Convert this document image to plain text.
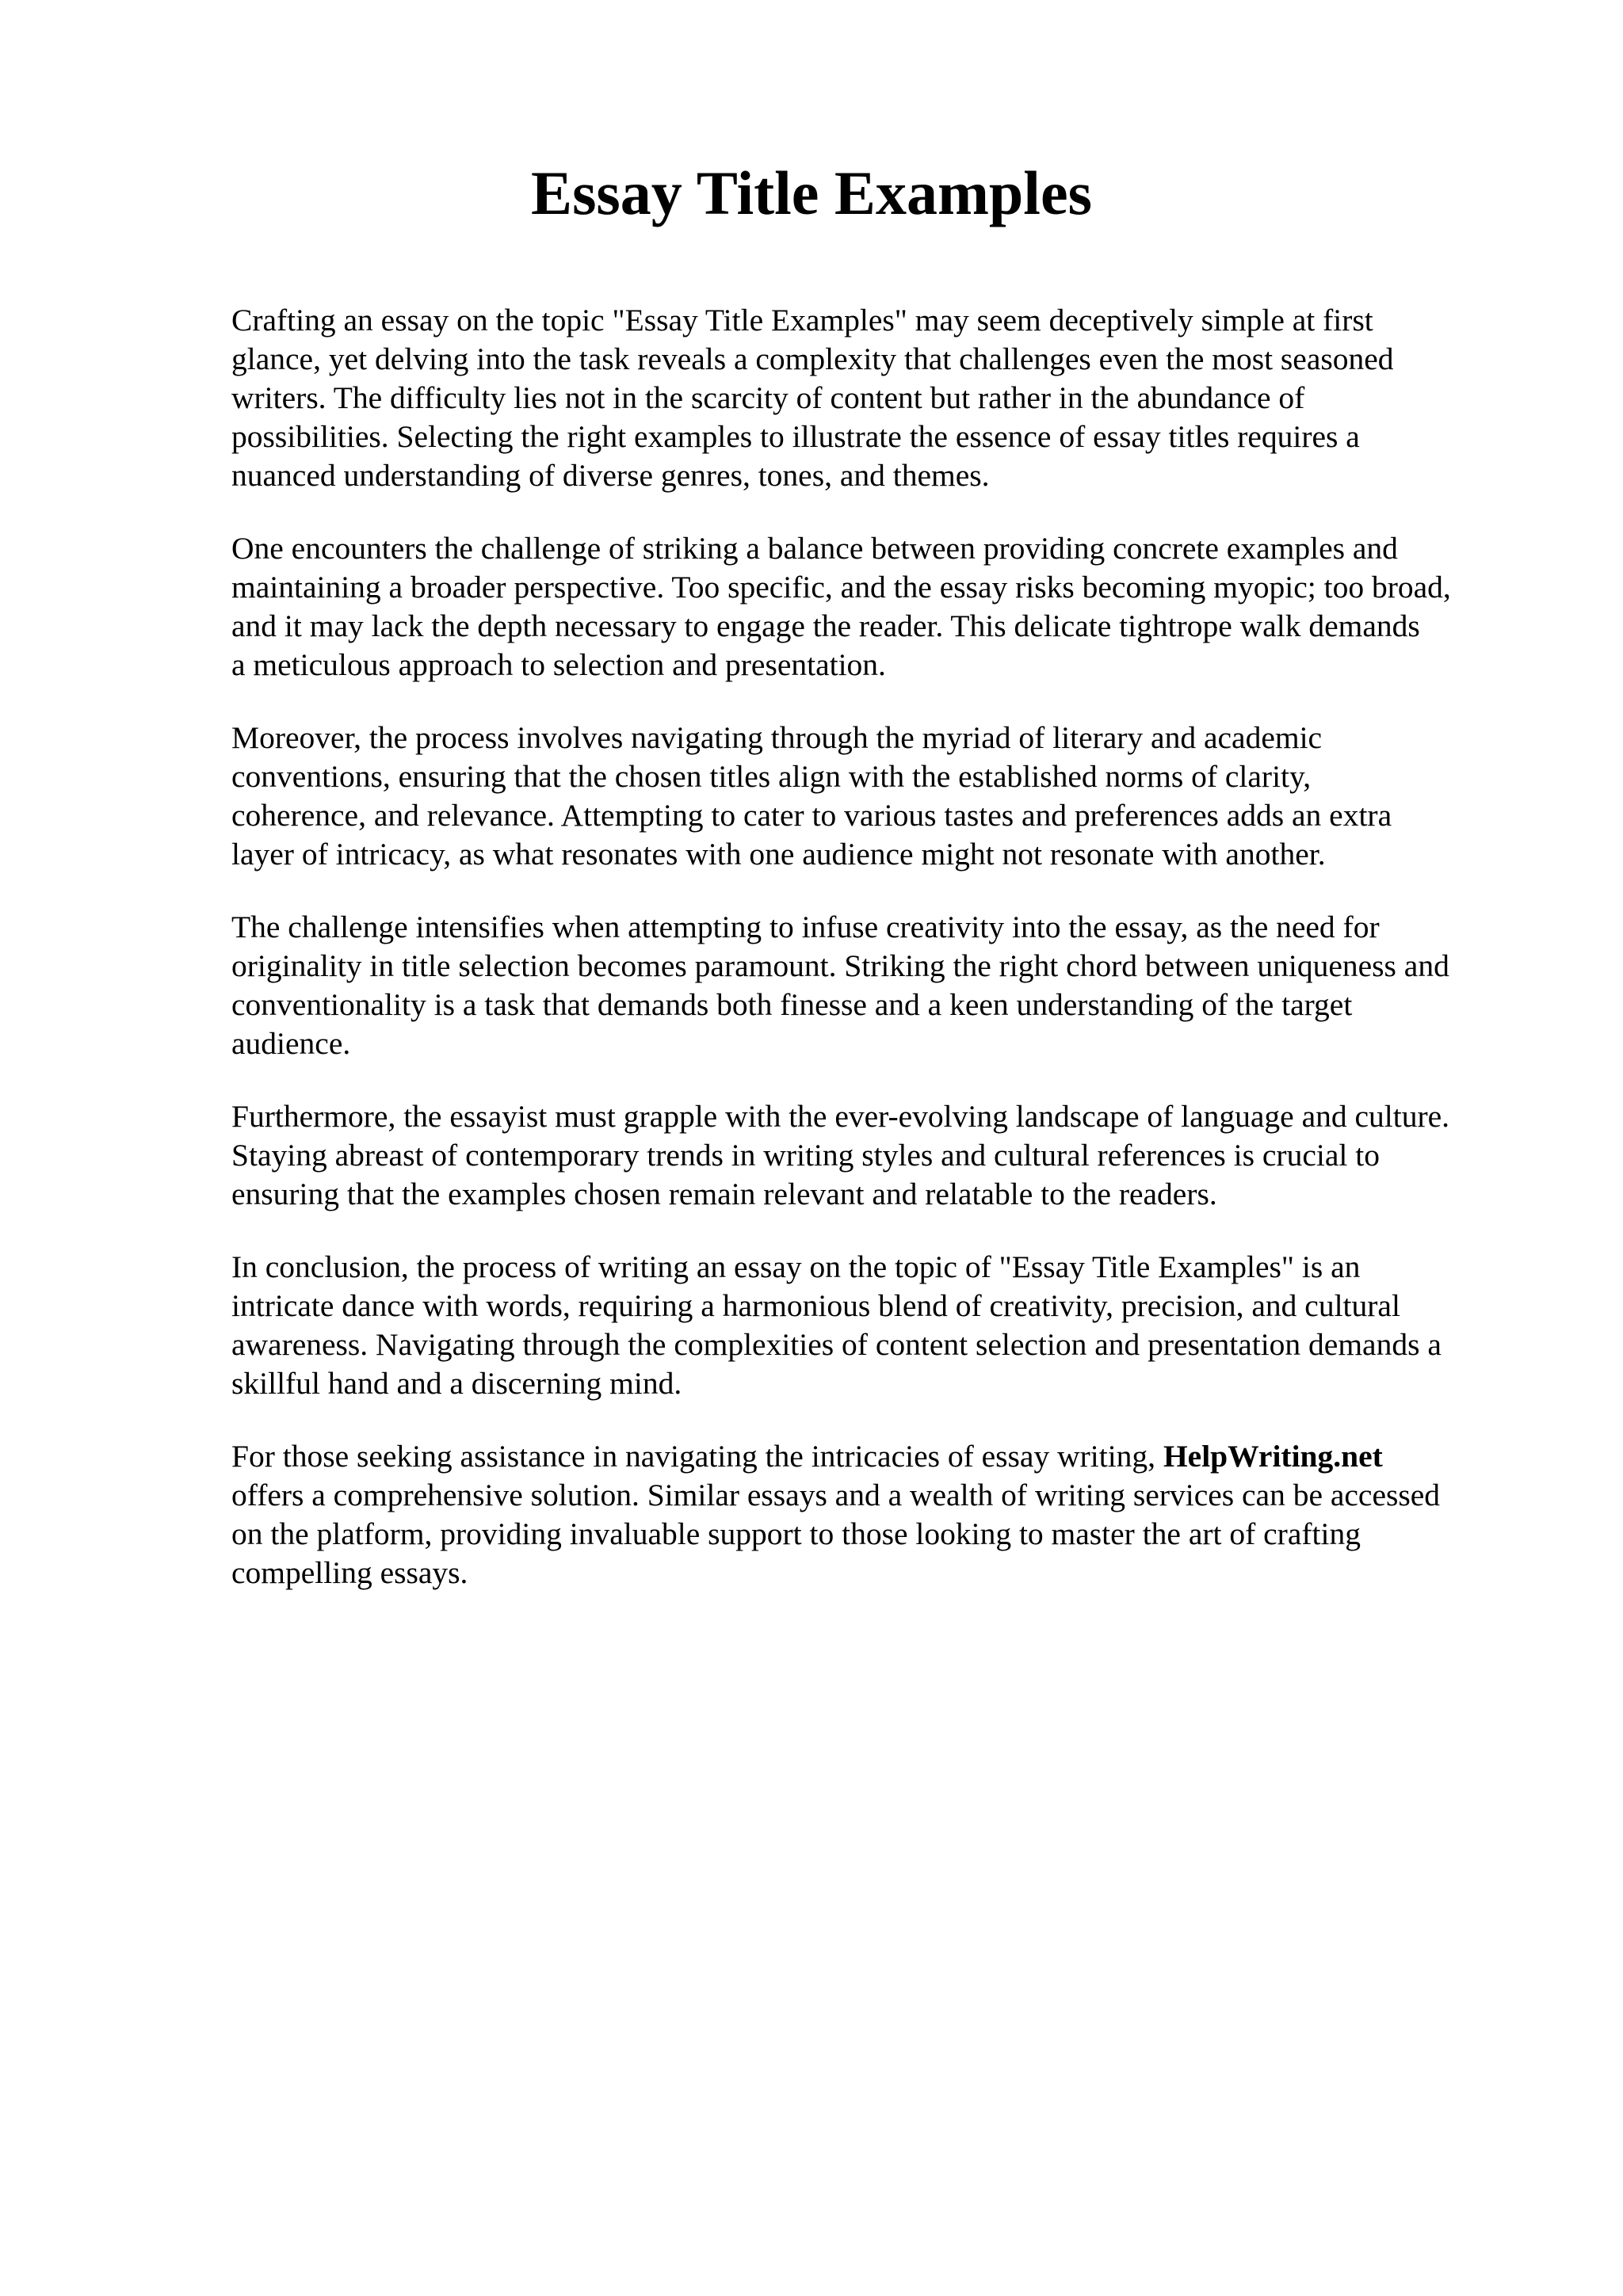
Essay Title Examples

Crafting an essay on the topic "Essay Title Examples" may seem deceptively simple at first
glance, yet delving into the task reveals a complexity that challenges even the most seasoned
writers. The difficulty lies not in the scarcity of content but rather in the abundance of
possibilities. Selecting the right examples to illustrate the essence of essay titles requires a
nuanced understanding of diverse genres, tones, and themes.

One encounters the challenge of striking a balance between providing concrete examples and
maintaining a broader perspective. Too specific, and the essay risks becoming myopic; too broad,
and it may lack the depth necessary to engage the reader. This delicate tightrope walk demands
a meticulous approach to selection and presentation.

Moreover, the process involves navigating through the myriad of literary and academic
conventions, ensuring that the chosen titles align with the established norms of clarity,
coherence, and relevance. Attempting to cater to various tastes and preferences adds an extra
layer of intricacy, as what resonates with one audience might not resonate with another.

The challenge intensifies when attempting to infuse creativity into the essay, as the need for
originality in title selection becomes paramount. Striking the right chord between uniqueness and
conventionality is a task that demands both finesse and a keen understanding of the target
audience.

Furthermore, the essayist must grapple with the ever-evolving landscape of language and culture.
Staying abreast of contemporary trends in writing styles and cultural references is crucial to
ensuring that the examples chosen remain relevant and relatable to the readers.

In conclusion, the process of writing an essay on the topic of "Essay Title Examples" is an
intricate dance with words, requiring a harmonious blend of creativity, precision, and cultural
awareness. Navigating through the complexities of content selection and presentation demands a
skillful hand and a discerning mind.

For those seeking assistance in navigating the intricacies of essay writing, HelpWriting.net
offers a comprehensive solution. Similar essays and a wealth of writing services can be accessed
on the platform, providing invaluable support to those looking to master the art of crafting
compelling essays.
